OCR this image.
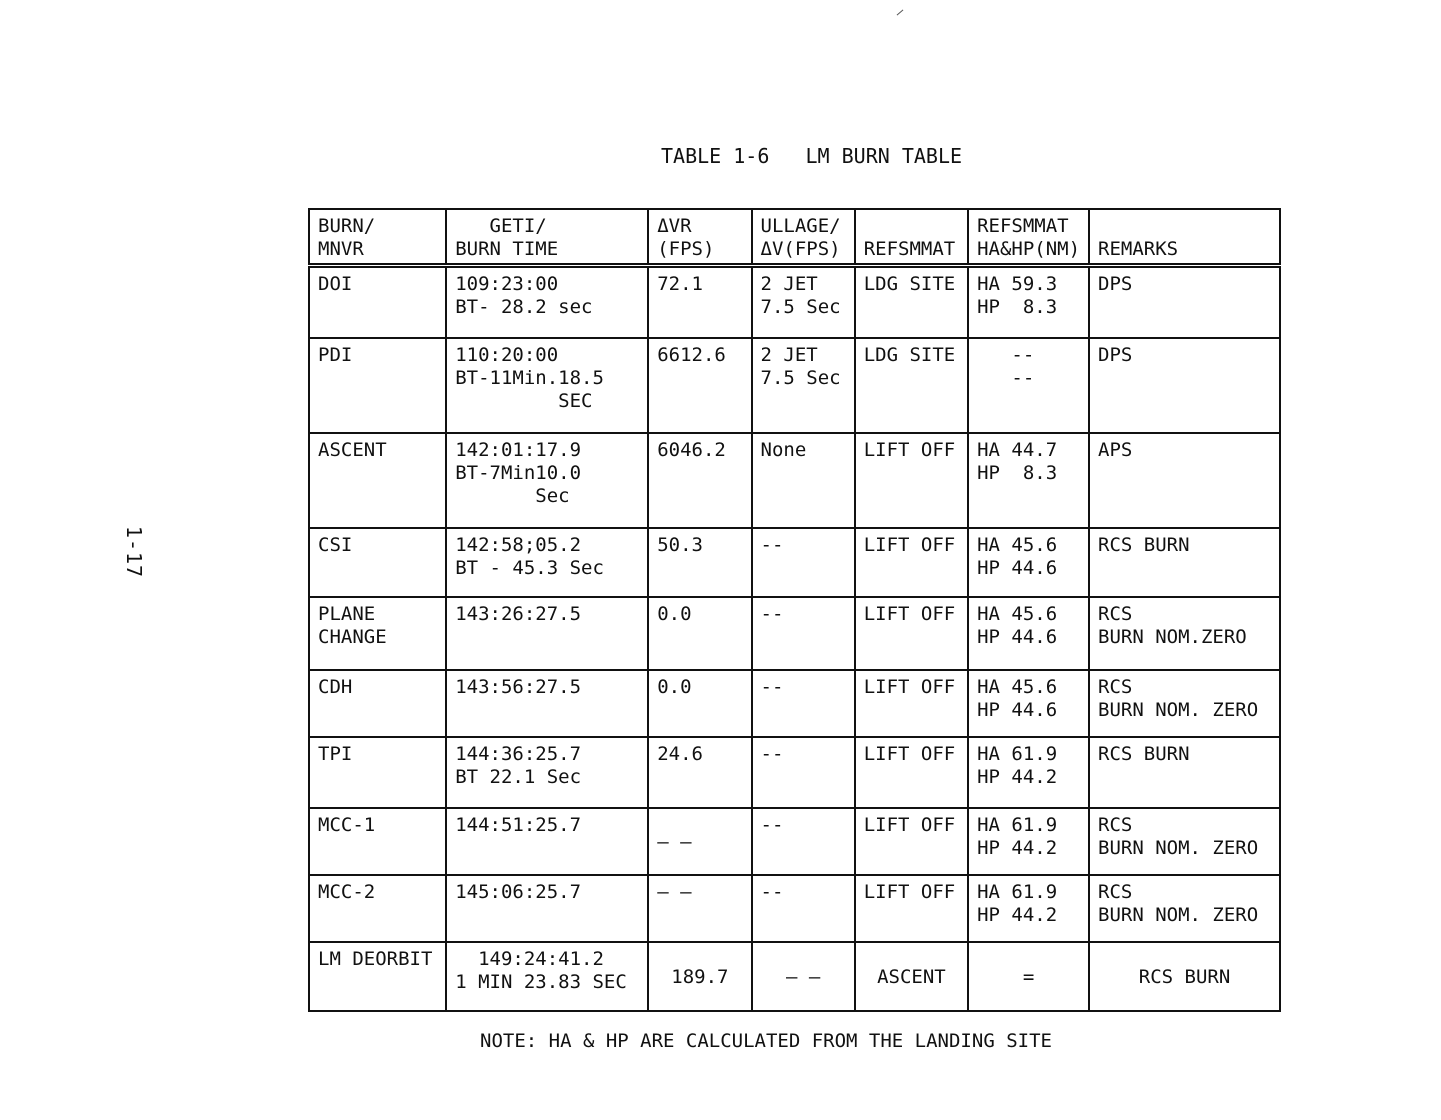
1-17
TABLE 1-6   LM BURN TABLE
BURN/
MNVR	GETI/
BURN TIME	ΔVR
(FPS)	ULLAGE/
ΔV(FPS)	REFSMMAT	REFSMMAT
HA&HP(NM)	REMARKS
DOI	109:23:00
BT- 28.2 sec	72.1	2 JET
7.5 Sec	LDG SITE	HA 59.3
HP  8.3	DPS
PDI	110:20:00
BT-11Min.18.5
SEC	6612.6	2 JET
7.5 Sec	LDG SITE	--
--	DPS
ASCENT	142:01:17.9
BT-7Min10.0
Sec	6046.2	None	LIFT OFF	HA 44.7
HP  8.3	APS
CSI	142:58;05.2
BT - 45.3 Sec	50.3	--	LIFT OFF	HA 45.6
HP 44.6	RCS BURN
PLANE
CHANGE	143:26:27.5	0.0	--	LIFT OFF	HA 45.6
HP 44.6	RCS
BURN NOM.ZERO
CDH	143:56:27.5	0.0	--	LIFT OFF	HA 45.6
HP 44.6	RCS
BURN NOM. ZERO
TPI	144:36:25.7
BT 22.1 Sec	24.6	--	LIFT OFF	HA 61.9
HP 44.2	RCS BURN
MCC-1	144:51:25.7	– –	--	LIFT OFF	HA 61.9
HP 44.2	RCS
BURN NOM. ZERO
MCC-2	145:06:25.7	– –	--	LIFT OFF	HA 61.9
HP 44.2	RCS
BURN NOM. ZERO
LM DEORBIT	149:24:41.2
1 MIN 23.83 SEC	189.7	– –	ASCENT	=	RCS BURN
NOTE: HA & HP ARE CALCULATED FROM THE LANDING SITE
